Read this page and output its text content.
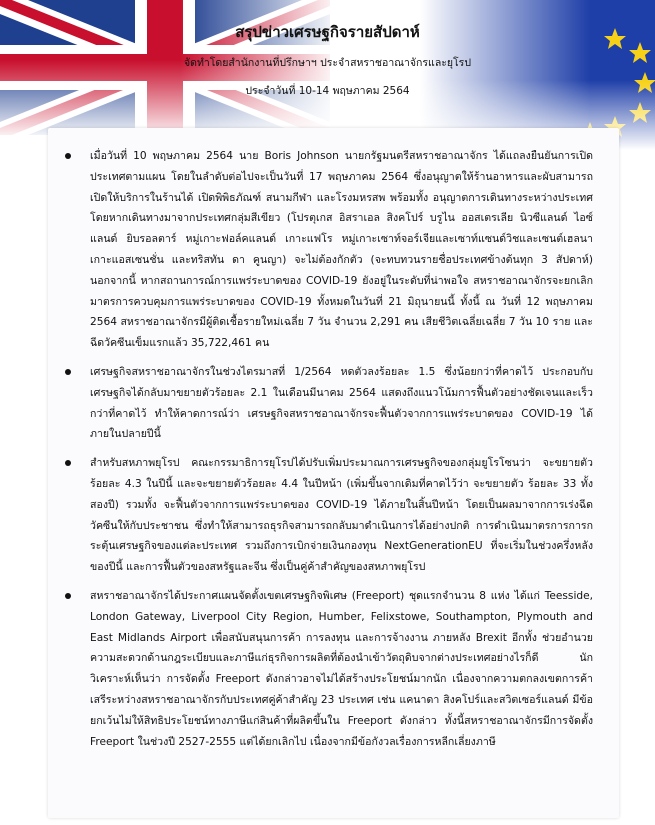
สรุปข่าวเศรษฐกิจรายสัปดาห์
จัดทำโดยสำนักงานที่ปรึกษาฯ ประจำสหราชอาณาจักรและยุโรป
ประจำวันที่ 10-14 พฤษภาคม 2564
เมื่อวันที่ 10 พฤษภาคม 2564 นาย Boris Johnson นายกรัฐมนตรีสหราชอาณาจักร ได้แถลงยืนยันการเปิดประเทศตามแผน โดยในลำดับต่อไปจะเป็นวันที่ 17 พฤษภาคม 2564 ซึ่งอนุญาตให้ร้านอาหารและผับสามารถเปิดให้บริการในร้านได้ เปิดพิพิธภัณฑ์ สนามกีฬา และโรงมหรสพ พร้อมทั้ง อนุญาตการเดินทางระหว่างประเทศ โดยหากเดินทางมาจากประเทศกลุ่มสีเขียว (โปรตุเกส อิสราเอล สิงคโปร์ บรูไน ออสเตรเลีย นิวซีแลนด์ ไอซ์แลนด์ ยิบรอลตาร์ หมู่เกาะฟอล์คแลนด์ เกาะแฟโร หมู่เกาะเซาท์จอร์เจียและเซาท์แซนด์วิชและเซนต์เฮลนา เกาะแอสเซนชั่น และทริสทัน ดา คูนญา) จะไม่ต้องกักตัว (จะทบทวนรายชื่อประเทศข้างต้นทุก 3 สัปดาห์) นอกจากนี้ หากสถานการณ์การแพร่ระบาดของ COVID-19 ยังอยู่ในระดับที่น่าพอใจ สหราชอาณาจักรจะยกเลิกมาตรการควบคุมการแพร่ระบาดของ COVID-19 ทั้งหมดในวันที่ 21 มิถุนายนนี้ ทั้งนี้ ณ วันที่ 12 พฤษภาคม 2564 สหราชอาณาจักรมีผู้ติดเชื้อรายใหม่เฉลี่ย 7 วัน จำนวน 2,291 คน เสียชีวิตเฉลี่ยเฉลี่ย 7 วัน 10 ราย และฉีดวัคซีนเข็มแรกแล้ว 35,722,461 คน
เศรษฐกิจสหราชอาณาจักรในช่วงไตรมาสที่ 1/2564 หดตัวลงร้อยละ 1.5 ซึ่งน้อยกว่าที่คาดไว้ ประกอบกับเศรษฐกิจได้กลับมาขยายตัวร้อยละ 2.1 ในเดือนมีนาคม 2564 แสดงถึงแนวโน้มการฟื้นตัวอย่างชัดเจนและเร็วกว่าที่คาดไว้ ทำให้คาดการณ์ว่า เศรษฐกิจสหราชอาณาจักรจะฟื้นตัวจากการแพร่ระบาดของ COVID-19 ได้ภายในปลายปีนี้
สำหรับสหภาพยุโรป คณะกรรมาธิการยุโรปได้ปรับเพิ่มประมาณการเศรษฐกิจของกลุ่มยูโรโซนว่า จะขยายตัวร้อยละ 4.3 ในปีนี้ และจะขยายตัวร้อยละ 4.4 ในปีหน้า (เพิ่มขึ้นจากเดิมที่คาดไว้ว่า จะขยายตัว ร้อยละ 33 ทั้งสองปี) รวมทั้ง จะฟื้นตัวจากการแพร่ระบาดของ COVID-19 ได้ภายในสิ้นปีหน้า โดยเป็นผลมาจากการเร่งฉีดวัคซีนให้กับประชาชน ซึ่งทำให้สามารถธุรกิจสามารถกลับมาดำเนินการได้อย่างปกติ การดำเนินมาตรการการกระตุ้นเศรษฐกิจของแต่ละประเทศ รวมถึงการเบิกจ่ายเงินกองทุน NextGenerationEU ที่จะเริ่มในช่วงครึ่งหลังของปีนี้ และการฟื้นตัวของสหรัฐและจีน ซึ่งเป็นคู่ค้าสำคัญของสหภาพยุโรป
สหราชอาณาจักรได้ประกาศแผนจัดตั้งเขตเศรษฐกิจพิเศษ (Freeport) ชุดแรกจำนวน 8 แห่ง ได้แก่ Teesside, London Gateway, Liverpool City Region, Humber, Felixstowe, Southampton, Plymouth and East Midlands Airport เพื่อสนับสนุนการค้า การลงทุน และการจ้างงาน ภายหลัง Brexit อีกทั้ง ช่วยอำนวยความสะดวกด้านกฎระเบียบและภาษีแก่ธุรกิจการผลิตที่ต้องนำเข้าวัตถุดิบจากต่างประเทศอย่างไรก็ดี นักวิเคราะห์เห็นว่า การจัดตั้ง Freeport ดังกล่าวอาจไม่ได้สร้างประโยชน์มากนัก เนื่องจากความตกลงเขตการค้าเสรีระหว่างสหราชอาณาจักรกับประเทศคู่ค้าสำคัญ 23 ประเทศ เช่น แคนาดา สิงคโปร์และสวิตเซอร์แลนด์ มีข้อยกเว้นไม่ให้สิทธิประโยชน์ทางภาษีแก่สินค้าที่ผลิตขึ้นใน Freeport ดังกล่าว ทั้งนี้สหราชอาณาจักรมีการจัดตั้ง Freeport ในช่วงปี 2527-2555 แต่ได้ยกเลิกไป เนื่องจากมีข้อกังวลเรื่องการหลีกเลี่ยงภาษี
